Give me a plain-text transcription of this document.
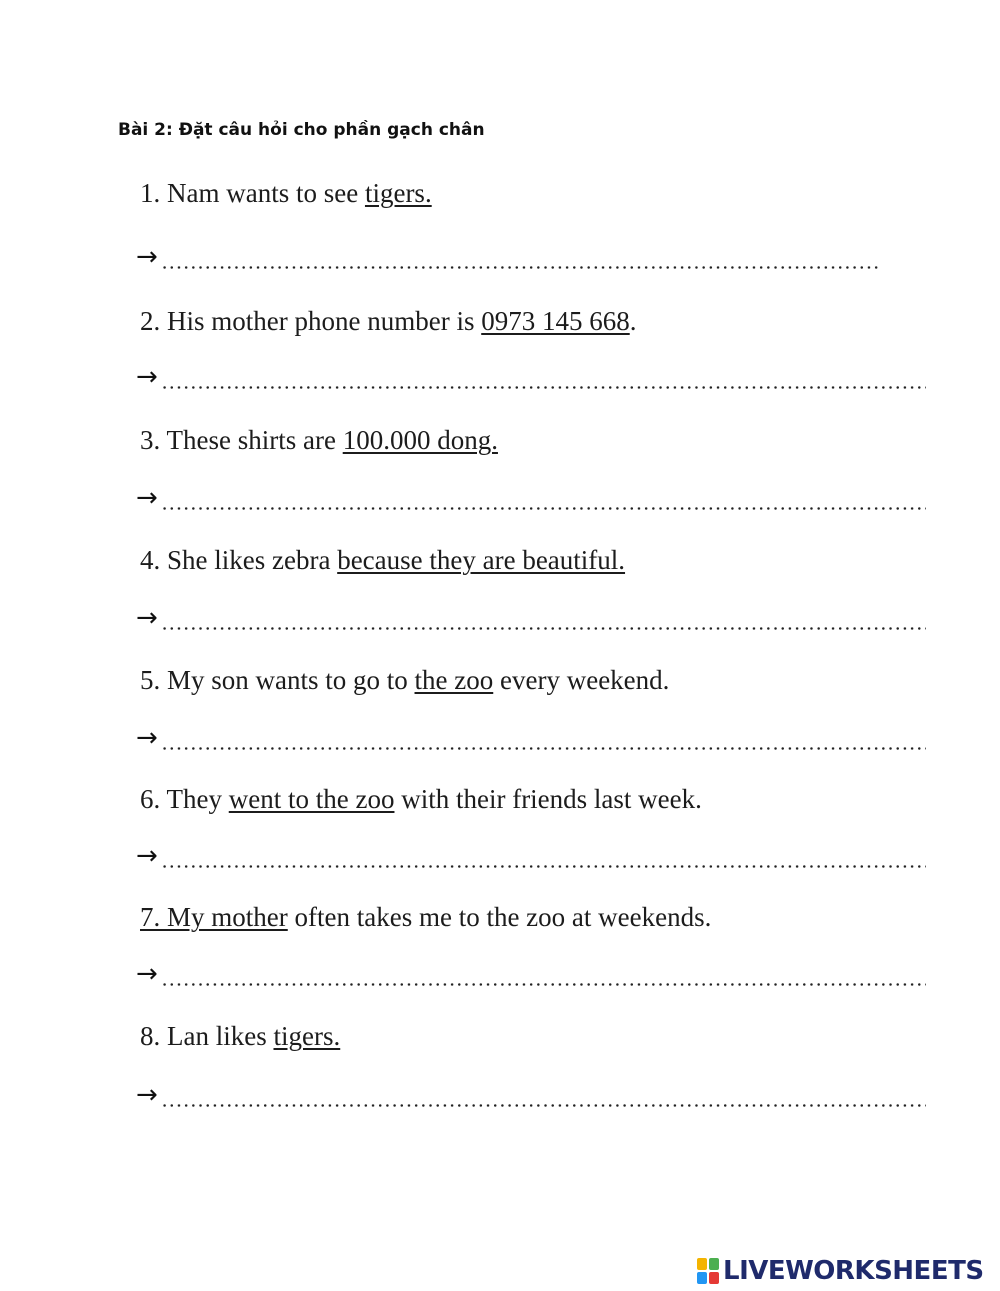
Bài 2: Đặt câu hỏi cho phần gạch chân
1. Nam wants to see tigers.
→
2. His mother phone number is 0973 145 668.
→
3. These shirts are 100.000 dong.
→
4. She likes zebra because they are beautiful.
→
5. My son wants to go to the zoo every weekend.
→
6. They went to the zoo with their friends last week.
→
7. My mother often takes me to the zoo at weekends.
→
8. Lan likes tigers.
→
LIVEWORKSHEETS
